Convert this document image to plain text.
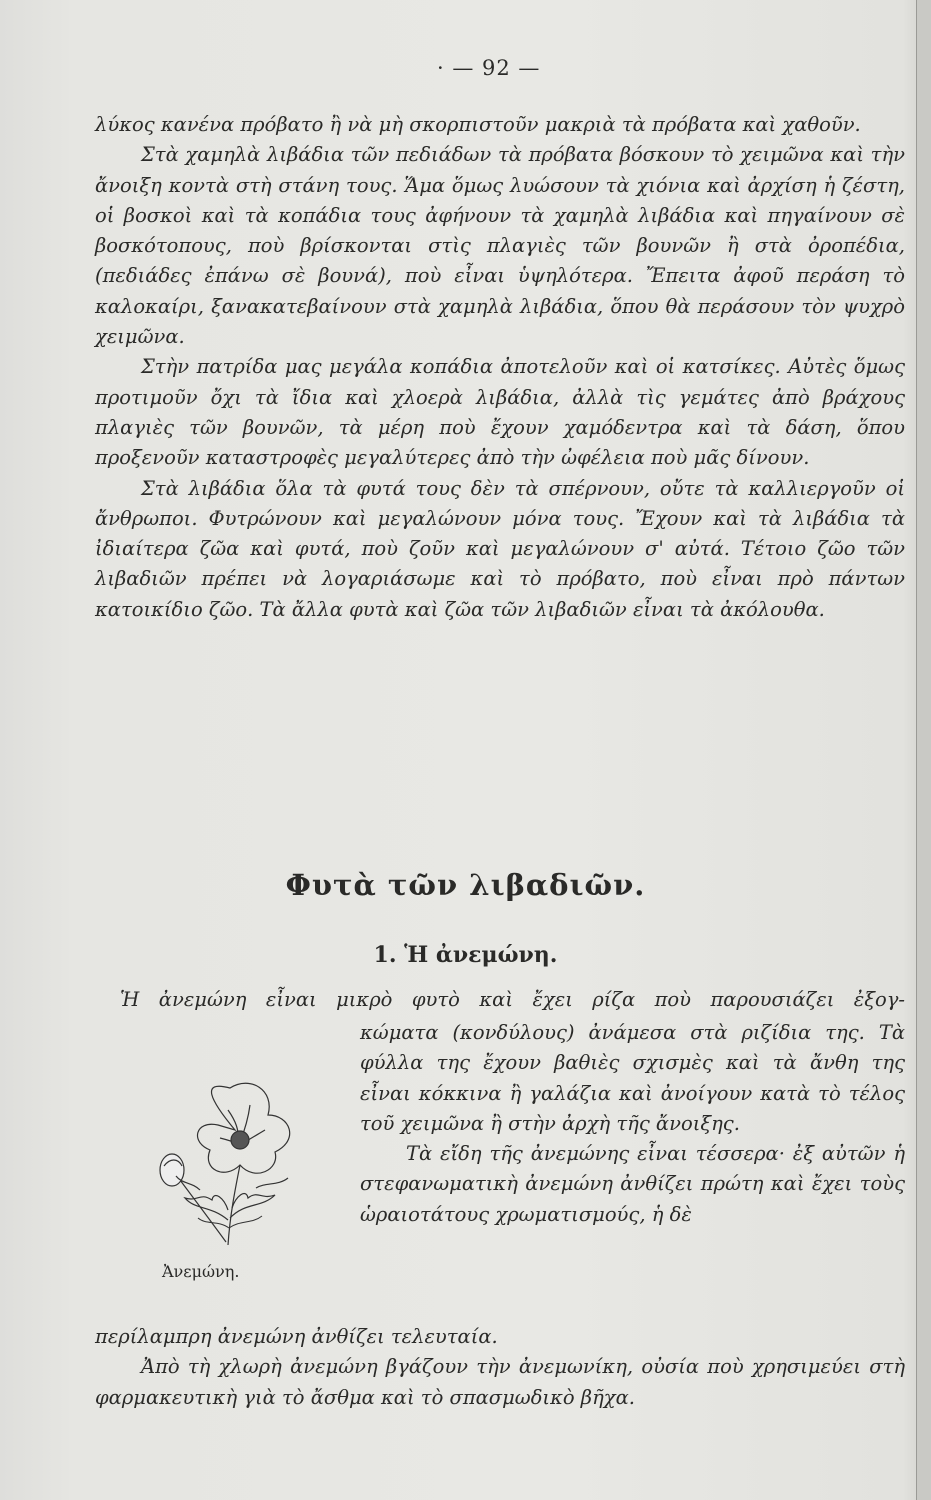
· — 92 —

λύκος κανένα πρόβατο ἢ νὰ μὴ σκορπιστοῦν μακριὰ τὰ πρόβατα καὶ χαθοῦν.

Στὰ χαμηλὰ λιβάδια τῶν πεδιάδων τὰ πρόβατα βόσκουν τὸ χειμῶνα καὶ τὴν ἄνοιξη κοντὰ στὴ στάνη τους. Ἅμα ὅμως λυώσουν τὰ χιόνια καὶ ἀρχίση ἡ ζέστη, οἱ βοσκοὶ καὶ τὰ κοπάδια τους ἀφήνουν τὰ χαμηλὰ λιβάδια καὶ πηγαίνουν σὲ βοσκότοπους, ποὺ βρίσκονται στὶς πλαγιὲς τῶν βουνῶν ἢ στὰ ὀροπέδια, (πεδιάδες ἐπάνω σὲ βουνά), ποὺ εἶναι ὑψηλότερα. Ἔπειτα ἀφοῦ περάση τὸ καλοκαίρι, ξανακατεβαίνουν στὰ χαμηλὰ λιβάδια, ὅπου θὰ περάσουν τὸν ψυχρὸ χειμῶνα.

Στὴν πατρίδα μας μεγάλα κοπάδια ἀποτελοῦν καὶ οἱ κατσίκες. Αὐτὲς ὅμως προτιμοῦν ὄχι τὰ ἴδια καὶ χλοερὰ λιβάδια, ἀλλὰ τὶς γεμάτες ἀπὸ βράχους πλαγιὲς τῶν βουνῶν, τὰ μέρη ποὺ ἔχουν χαμόδεντρα καὶ τὰ δάση, ὅπου προξενοῦν καταστροφὲς μεγαλύτερες ἀπὸ τὴν ὠφέλεια ποὺ μᾶς δίνουν.

Στὰ λιβάδια ὅλα τὰ φυτά τους δὲν τὰ σπέρνουν, οὔτε τὰ καλλιεργοῦν οἱ ἄνθρωποι. Φυτρώνουν καὶ μεγαλώνουν μόνα τους. Ἔχουν καὶ τὰ λιβάδια τὰ ἰδιαίτερα ζῶα καὶ φυτά, ποὺ ζοῦν καὶ μεγαλώνουν σ' αὐτά. Τέτοιο ζῶο τῶν λιβαδιῶν πρέπει νὰ λογαριάσωμε καὶ τὸ πρόβατο, ποὺ εἶναι πρὸ πάντων κατοικίδιο ζῶο. Τὰ ἄλλα φυτὰ καὶ ζῶα τῶν λιβαδιῶν εἶναι τὰ ἀκόλουθα.

Φυτὰ τῶν λιβαδιῶν.
1. Ἡ ἀνεμώνη.
Ἡ ἀνεμώνη εἶναι μικρὸ φυτὸ καὶ ἔχει ρίζα ποὺ παρουσιάζει ἐξογ-

κώματα (κονδύλους) ἀνάμεσα στὰ ριζίδια της. Τὰ φύλλα της ἔχουν βαθιὲς σχισμὲς καὶ τὰ ἄνθη της εἶναι κόκκινα ἢ γαλάζια καὶ ἀνοίγουν κατὰ τὸ τέλος τοῦ χειμῶνα ἢ στὴν ἀρχὴ τῆς ἄνοιξης.

Τὰ εἴδη τῆς ἀνεμώνης εἶναι τέσσερα· ἐξ αὐτῶν ἡ στεφανωματικὴ ἀνεμώνη ἀνθίζει πρώτη καὶ ἔχει τοὺς ὡραιοτάτους χρωματισμούς, ἡ δὲ

Ἀνεμώνη.

περίλαμπρη ἀνεμώνη ἀνθίζει τελευταία.

Ἀπὸ τὴ χλωρὴ ἀνεμώνη βγάζουν τὴν ἀνεμωνίκη, οὐσία ποὺ χρησιμεύει στὴ φαρμακευτικὴ γιὰ τὸ ἄσθμα καὶ τὸ σπασμωδικὸ βῆχα.
